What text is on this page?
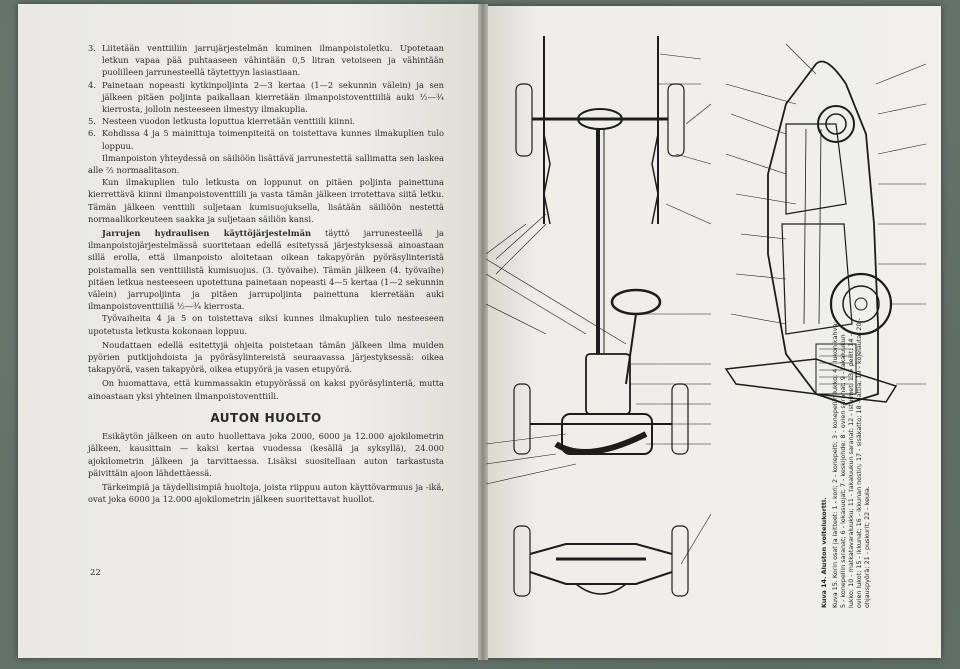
3. Liitetään venttiiliin jarrujärjestelmän kuminen ilmanpoistoletku. Upotetaan letkun vapaa pää puhtaaseen vähintään 0,5 litran vetoiseen ja vähintään puolilleen jarrunesteellä täytettyyn lasiastiaan.
4. Painetaan nopeasti kytkinpoljinta 2—3 kertaa (1—2 sekunnin välein) ja sen jälkeen pitäen poljinta paikallaan kierretään ilmanpoistoventtiiliä auki ½—¾ kierrosta, jolloin nesteeseen ilmestyy ilmakuplia.
5. Nesteen vuodon letkusta loputtua kierretään venttiili kiinni.
6. Kohdissa 4 ja 5 mainittuja toimenpiteitä on toistettava kunnes ilmakuplien tulo loppuu.

Ilmanpoiston yhteydessä on säiliöön lisättävä jarrunestettä sallimatta sen laskea alle ⅔ normaalitason.

Kun ilmakuplien tulo letkusta on loppunut on pitäen poljinta painettuna kierrettävä kiinni ilmanpoistoventtiili ja vasta tämän jälkeen irrotettava siitä letku. Tämän jälkeen venttiili suljetaan kumisuojuksella, lisätään säiliöön nestettä normaalikorkeuteen saakka ja suljetaan säiliön kansi.

Jarrujen hydraulisen käyttöjärjestelmän täyttö jarrunesteellä ja ilmanpoistojärjestelmässä suoritetaan edellä esitetyssä järjestyksessä ainoastaan sillä erolla, että ilmanpoisto aloitetaan oikean takapyörän pyöräsylinteristä poistamalla sen venttiilistä kumisuojus. (3. työvaihe). Tämän jälkeen (4. työvaihe) pitäen letkua nesteeseen upotettuna painetaan nopeasti 4—5 kertaa (1—2 sekunnin välein) jarrupoljinta ja pitäen jarrupoljinta painettuna kierretään auki ilmanpoistoventtiiliä ½—¾ kierrosta.

Työvaiheita 4 ja 5 on toistettava siksi kunnes ilmakuplien tulo nesteeseen upotetusta letkusta kokonaan loppuu.

Noudattaen edellä esitettyjä ohjeita poistetaan tämän jälkeen ilma muiden pyörien putkijohdoista ja pyöräsylintereistä seuraavassa järjestyksessä: oikea takapyörä, vasen takapyörä, oikea etupyörä ja vasen etupyörä.

On huomattava, että kummassakin etupyörässä on kaksi pyöräsylinteriä, mutta ainoastaan yksi yhteinen ilmanpoistoventtiili.

AUTON HUOLTO

Esikäytön jälkeen on auto huollettava joka 2000, 6000 ja 12.000 ajokilometrin jälkeen, kausittain — kaksi kertaa vuodessa (kesällä ja syksyllä), 24.000 ajokilometrin jälkeen ja tarvittaessa. Lisäksi suositellaan auton tarkastusta päivittäin ajoon lähdettäessä.

Tärkeimpiä ja täydellisimpiä huoltoja, joista riippuu auton käyttövarmuus ja -ikä, ovat joka 6000 ja 12.000 ajokilometrin jälkeen suoritettavat huollot.

22	Kuva 14. Aluston voitelukortti. Kuva 15. Korin osat ja laitteet: 1 - kori; 2 - konepelti; 3 - konepellin lukko; 4 - lukon kahva; 5 - konepellin saranat; 6 - lokasuojat; 7 - keskijohde; 8 - ovien saranat; 9 - takaluukun lukko; 10 - matkatavaraluukku; 11 - takaluukun saranat; 12 - istuimet; 13 - peilit; 14 - ovien lukot; 15 - ikkunat; 16 - ikkunan nostin; 17 - sisäkatto; 18 - lattia; 19 - kojelauta; 20 - ohjauspyörä; 21 - puskurit; 22 - keula.
